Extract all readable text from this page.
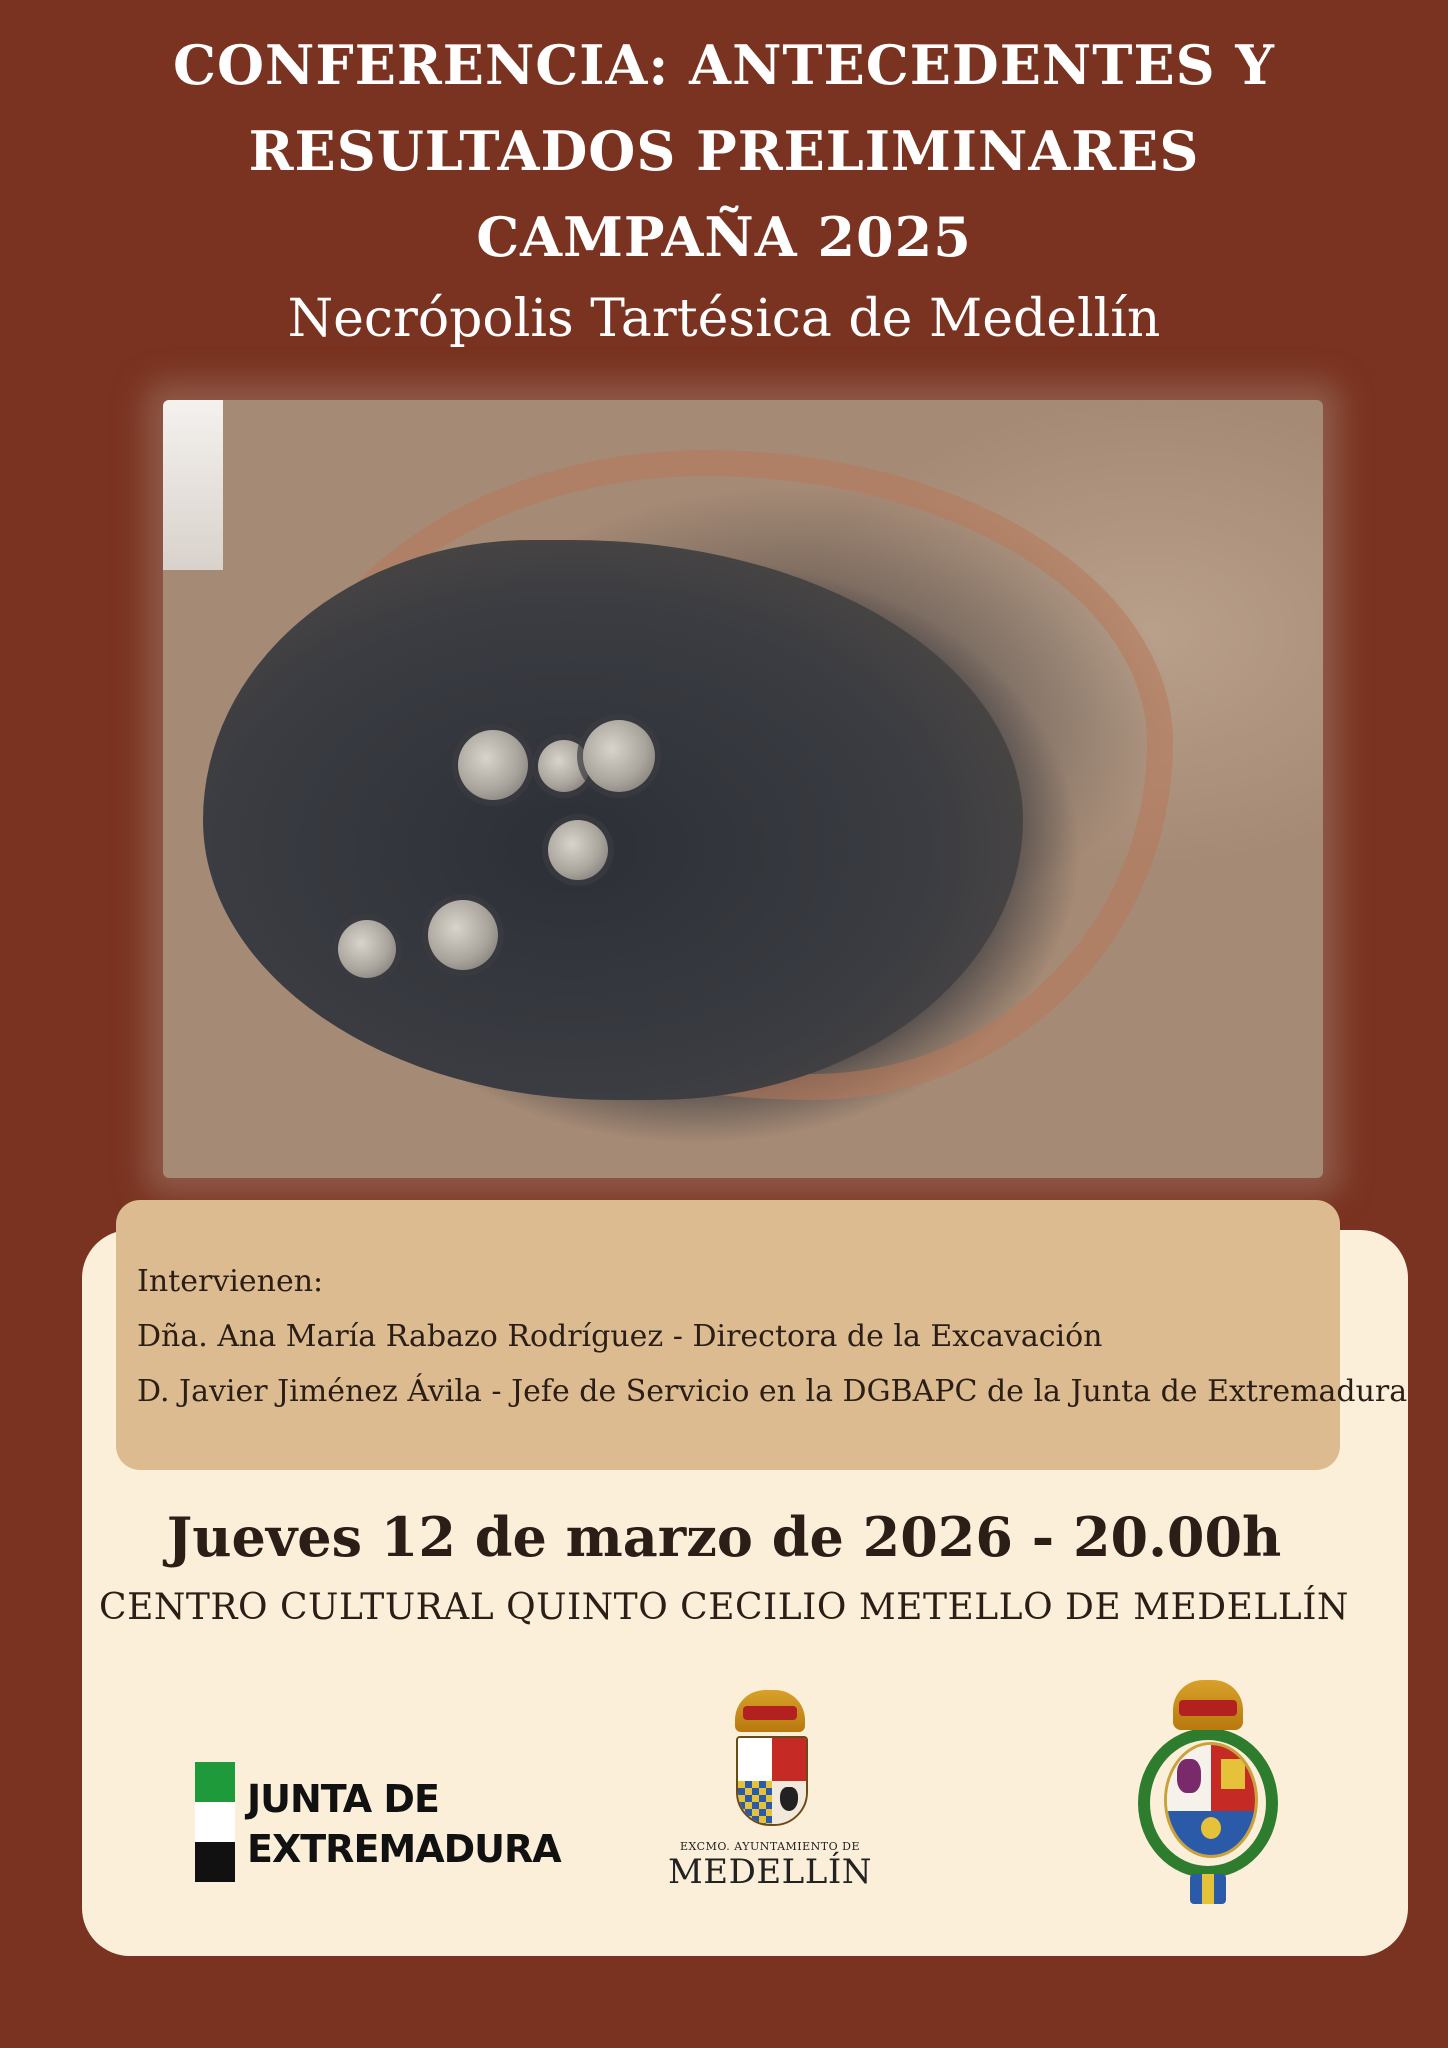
CONFERENCIA: ANTECEDENTES Y
RESULTADOS PRELIMINARES
CAMPAÑA 2025
Necrópolis Tartésica de Medellín
Intervienen:
Dña. Ana María Rabazo Rodríguez - Directora de la Excavación
D. Javier Jiménez Ávila - Jefe de Servicio en la DGBAPC de la Junta de Extremadura
Jueves 12 de marzo de 2026 - 20.00h
CENTRO CULTURAL QUINTO CECILIO METELLO DE MEDELLÍN
JUNTA DE
EXTREMADURA	EXCMO. AYUNTAMIENTO DE
MEDELLÍN
